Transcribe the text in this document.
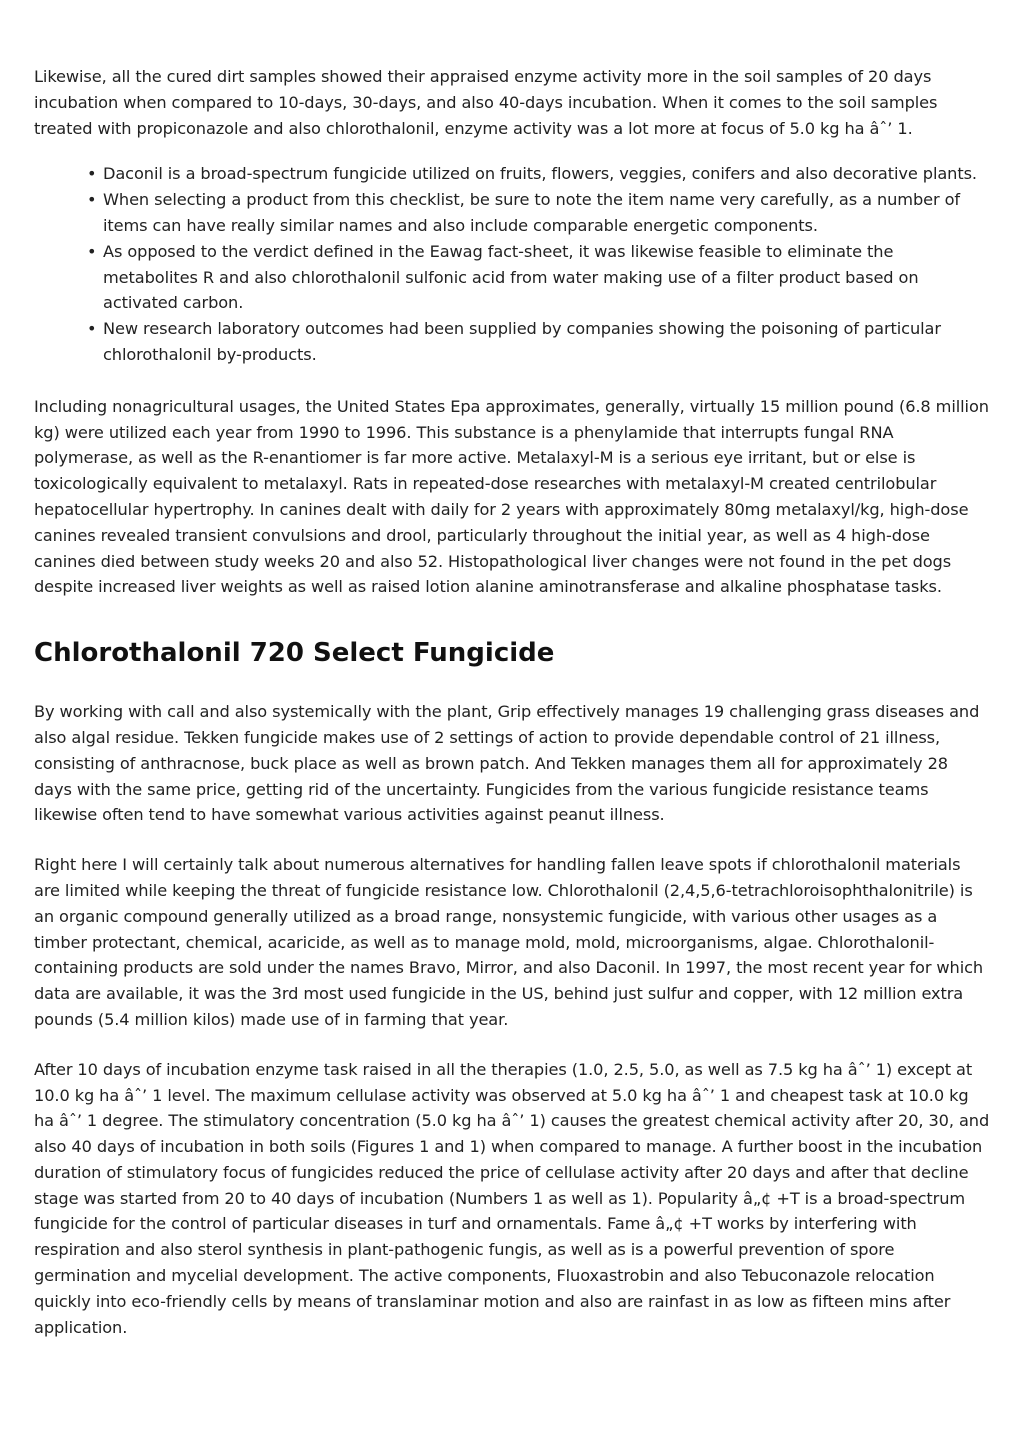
Likewise, all the cured dirt samples showed their appraised enzyme activity more in the soil samples of 20 days incubation when compared to 10-days, 30-days, and also 40-days incubation. When it comes to the soil samples treated with propiconazole and also chlorothalonil, enzyme activity was a lot more at focus of 5.0 kg ha âˆ’ 1.

• Daconil is a broad-spectrum fungicide utilized on fruits, flowers, veggies, conifers and also decorative plants.
• When selecting a product from this checklist, be sure to note the item name very carefully, as a number of items can have really similar names and also include comparable energetic components.
• As opposed to the verdict defined in the Eawag fact-sheet, it was likewise feasible to eliminate the metabolites R and also chlorothalonil sulfonic acid from water making use of a filter product based on activated carbon.
• New research laboratory outcomes had been supplied by companies showing the poisoning of particular chlorothalonil by-products.

Including nonagricultural usages, the United States Epa approximates, generally, virtually 15 million pound (6.8 million kg) were utilized each year from 1990 to 1996. This substance is a phenylamide that interrupts fungal RNA polymerase, as well as the R-enantiomer is far more active. Metalaxyl-M is a serious eye irritant, but or else is toxicologically equivalent to metalaxyl. Rats in repeated-dose researches with metalaxyl-M created centrilobular hepatocellular hypertrophy. In canines dealt with daily for 2 years with approximately 80mg metalaxyl/kg, high-dose canines revealed transient convulsions and drool, particularly throughout the initial year, as well as 4 high-dose canines died between study weeks 20 and also 52. Histopathological liver changes were not found in the pet dogs despite increased liver weights as well as raised lotion alanine aminotransferase and alkaline phosphatase tasks.

Chlorothalonil 720 Select Fungicide

By working with call and also systemically with the plant, Grip effectively manages 19 challenging grass diseases and also algal residue. Tekken fungicide makes use of 2 settings of action to provide dependable control of 21 illness, consisting of anthracnose, buck place as well as brown patch. And Tekken manages them all for approximately 28 days with the same price, getting rid of the uncertainty. Fungicides from the various fungicide resistance teams likewise often tend to have somewhat various activities against peanut illness.

Right here I will certainly talk about numerous alternatives for handling fallen leave spots if chlorothalonil materials are limited while keeping the threat of fungicide resistance low. Chlorothalonil (2,4,5,6-tetrachloroisophthalonitrile) is an organic compound generally utilized as a broad range, nonsystemic fungicide, with various other usages as a timber protectant, chemical, acaricide, as well as to manage mold, mold, microorganisms, algae. Chlorothalonil-containing products are sold under the names Bravo, Mirror, and also Daconil. In 1997, the most recent year for which data are available, it was the 3rd most used fungicide in the US, behind just sulfur and copper, with 12 million extra pounds (5.4 million kilos) made use of in farming that year.

After 10 days of incubation enzyme task raised in all the therapies (1.0, 2.5, 5.0, as well as 7.5 kg ha âˆ’ 1) except at 10.0 kg ha âˆ’ 1 level. The maximum cellulase activity was observed at 5.0 kg ha âˆ’ 1 and cheapest task at 10.0 kg ha âˆ’ 1 degree. The stimulatory concentration (5.0 kg ha âˆ’ 1) causes the greatest chemical activity after 20, 30, and also 40 days of incubation in both soils (Figures 1 and 1) when compared to manage. A further boost in the incubation duration of stimulatory focus of fungicides reduced the price of cellulase activity after 20 days and after that decline stage was started from 20 to 40 days of incubation (Numbers 1 as well as 1). Popularity â„¢ +T is a broad-spectrum fungicide for the control of particular diseases in turf and ornamentals. Fame â„¢ +T works by interfering with respiration and also sterol synthesis in plant-pathogenic fungis, as well as is a powerful prevention of spore germination and mycelial development. The active components, Fluoxastrobin and also Tebuconazole relocation quickly into eco-friendly cells by means of translaminar motion and also are rainfast in as low as fifteen mins after application.
